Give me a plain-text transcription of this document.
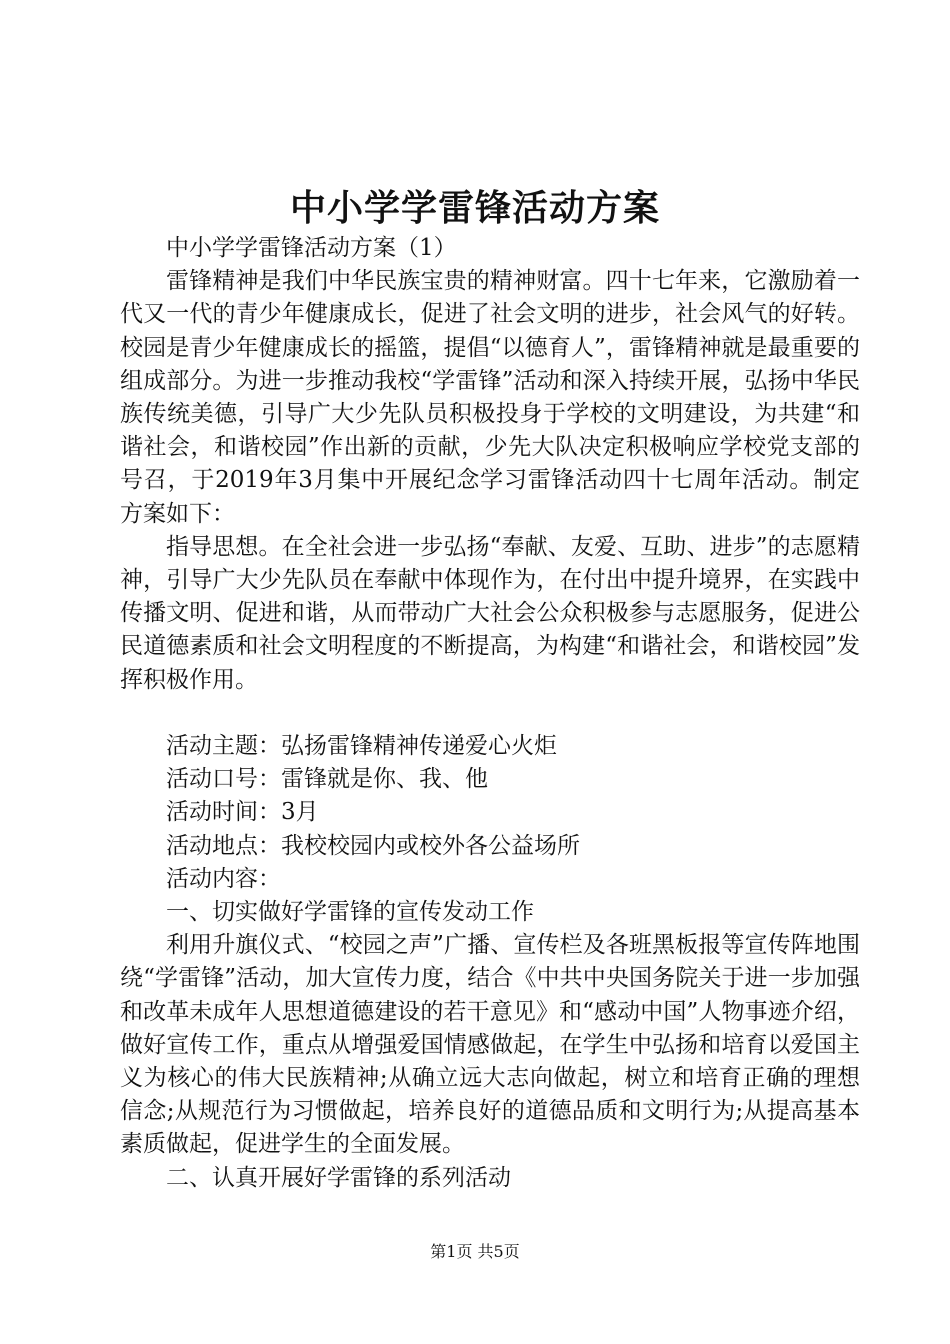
中小学学雷锋活动方案

中小学学雷锋活动方案（1）

雷锋精神是我们中华民族宝贵的精神财富。四十七年来，它激励着一代又一代的青少年健康成长，促进了社会文明的进步，社会风气的好转。校园是青少年健康成长的摇篮，提倡“以德育人”，雷锋精神就是最重要的组成部分。为进一步推动我校“学雷锋”活动和深入持续开展，弘扬中华民族传统美德，引导广大少先队员积极投身于学校的文明建设，为共建“和谐社会，和谐校园”作出新的贡献，少先大队决定积极响应学校党支部的号召，于2019年3月集中开展纪念学习雷锋活动四十七周年活动。制定方案如下：

指导思想。在全社会进一步弘扬“奉献、友爱、互助、进步”的志愿精神，引导广大少先队员在奉献中体现作为，在付出中提升境界，在实践中传播文明、促进和谐，从而带动广大社会公众积极参与志愿服务，促进公民道德素质和社会文明程度的不断提高，为构建“和谐社会，和谐校园”发挥积极作用。

活动主题：弘扬雷锋精神传递爱心火炬

活动口号：雷锋就是你、我、他

活动时间：3月

活动地点：我校校园内或校外各公益场所

活动内容：

一、切实做好学雷锋的宣传发动工作

利用升旗仪式、“校园之声”广播、宣传栏及各班黑板报等宣传阵地围绕“学雷锋”活动，加大宣传力度，结合《中共中央国务院关于进一步加强和改革未成年人思想道德建设的若干意见》和“感动中国”人物事迹介绍，做好宣传工作，重点从增强爱国情感做起，在学生中弘扬和培育以爱国主义为核心的伟大民族精神;从确立远大志向做起，树立和培育正确的理想信念;从规范行为习惯做起，培养良好的道德品质和文明行为;从提高基本素质做起，促进学生的全面发展。

二、认真开展好学雷锋的系列活动

第1页 共5页
